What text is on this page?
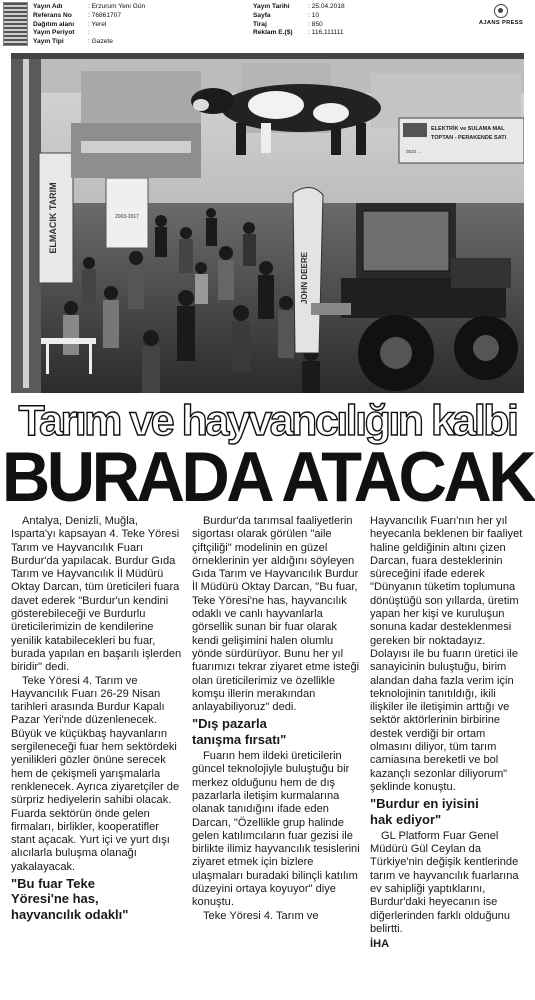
Yayın Adı	: Erzurum Yeni Gün
Referans No	: 76861707
Dağıtım alanı	: Yerel
Yayın Periyot	:
Yayın Tipi	: Gazete
Yayın Tarihi	: 25.04.2018
Sayfa	: 10
Tiraj	: 850
Reklam E.($)	: 116,111111
AJANS PRESS
ELMACIK TARIM	2003-2017
ELEKTRİK ve SULAMA MAL
TOPTAN - PERAKENDE SATI
0533 ...
JOHN DEERE
Tarım ve hayvancılığın kalbi
BURADA ATACAK

Antalya, Denizli, Muğla, Isparta'yı kapsayan 4. Teke Yöresi Tarım ve Hayvancılık Fuarı Burdur'da yapılacak. Burdur Gıda Tarım ve Hayvancılık İl Müdürü Oktay Darcan, tüm üreticileri fuara davet ederek "Burdur'un kendini gösterebileceği ve Burdurlu üreticilerimizin de kendilerine yenilik katabilecekleri bu fuar, burada yapılan en başarılı işlerden biridir" dedi.

Teke Yöresi 4. Tarım ve Hayvancılık Fuarı 26-29 Nisan tarihleri arasında Burdur Kapalı Pazar Yeri'nde düzenlenecek. Büyük ve küçükbaş hayvanların sergileneceği fuar hem sektördeki yenilikleri gözler önüne serecek hem de çekişmeli yarışmalarla renklenecek. Ayrıca ziyaretçiler de sürpriz hediyelerin sahibi olacak. Fuarda sektörün önde gelen firmaları, birlikler, kooperatifler stant açacak. Yurt içi ve yurt dışı alıcılarla buluşma olanağı yakalayacak.

"Bu fuar Teke
Yöresi'ne has,
hayvancılık odaklı"

Burdur'da tarımsal faaliyetlerin sigortası olarak görülen "aile çiftçiliği" modelinin en güzel örneklerinin yer aldığını söyleyen Gıda Tarım ve Hayvancılık Burdur İl Müdürü Oktay Darcan, "Bu fuar, Teke Yöresi'ne has, hayvancılık odaklı ve canlı hayvanlarla görsellik sunan bir fuar olarak kendi gelişimini halen olumlu yönde sürdürüyor. Bunu her yıl fuarımızı tekrar ziyaret etme isteği olan üreticilerimiz ve özellikle komşu illerin merakından anlayabiliyoruz" dedi.

"Dış pazarla
tanışma fırsatı"

Fuarın hem ildeki üreticilerin güncel teknolojiyle buluştuğu bir merkez olduğunu hem de dış pazarlarla iletişim kurmalarına olanak tanıdığını ifade eden Darcan, "Özellikle grup halinde gelen katılımcıların fuar gezisi ile birlikte ilimiz hayvancılık tesislerini ziyaret etmek için bizlere ulaşmaları buradaki bilinçli katılım düzeyini ortaya koyuyor" diye konuştu.

Teke Yöresi 4. Tarım ve

Hayvancılık Fuarı'nın her yıl heyecanla beklenen bir faaliyet haline geldiğinin altını çizen Darcan, fuara desteklerinin süreceğini ifade ederek "Dünyanın tüketim toplumuna dönüştüğü son yıllarda, üretim yapan her kişi ve kuruluşun sonuna kadar desteklenmesi gereken bir noktadayız. Dolayısı ile bu fuarın üretici ile sanayicinin buluştuğu, birim alandan daha fazla verim için teknolojinin tanıtıldığı, ikili ilişkiler ile iletişimin arttığı ve sektör aktörlerinin birbirine destek verdiği bir ortam olmasını diliyor, tüm tarım camiasına bereketli ve bol kazançlı sezonlar diliyorum" şeklinde konuştu.

"Burdur en iyisini
hak ediyor"

GL Platform Fuar Genel Müdürü Gül Ceylan da Türkiye'nin değişik kentlerinde tarım ve hayvancılık fuarlarına ev sahipliği yaptıklarını, Burdur'daki heyecanın ise diğerlerinden farklı olduğunu belirtti.

İHA
